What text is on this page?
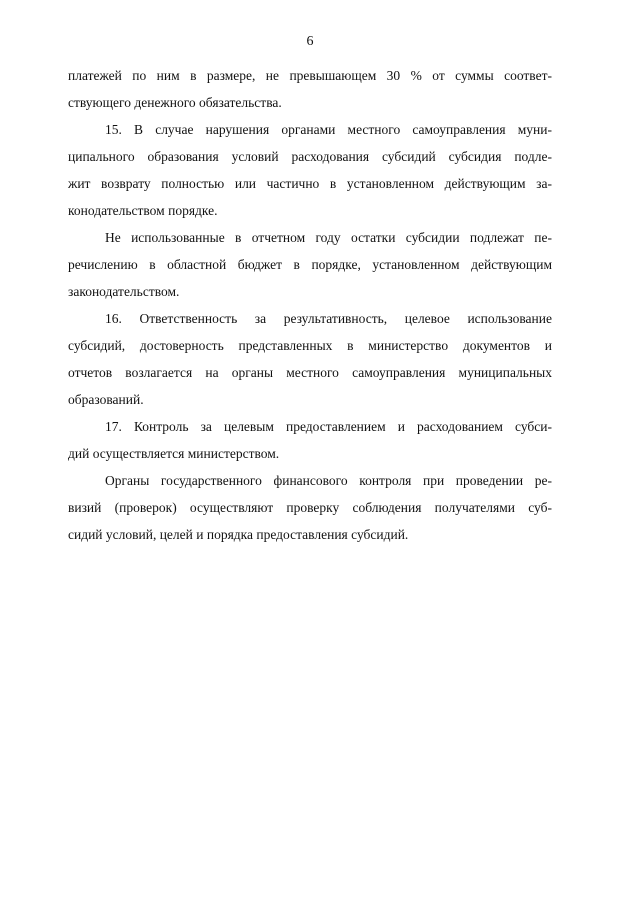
6
платежей по ним в размере, не превышающем 30 % от суммы соответ-
ствующего денежного обязательства.
15. В случае нарушения органами местного самоуправления муни-
ципального образования условий расходования субсидий субсидия подле-
жит возврату полностью или частично в установленном действующим за-
конодательством порядке.
Не использованные в отчетном году остатки субсидии подлежат пе-
речислению в областной бюджет в порядке, установленном действующим
законодательством.
16. Ответственность за результативность, целевое использование
субсидий, достоверность представленных в министерство документов и
отчетов возлагается на органы местного самоуправления муниципальных
образований.
17. Контроль за целевым предоставлением и расходованием субси-
дий осуществляется министерством.
Органы государственного финансового контроля при проведении ре-
визий (проверок) осуществляют проверку соблюдения получателями суб-
сидий условий, целей и порядка предоставления субсидий.
